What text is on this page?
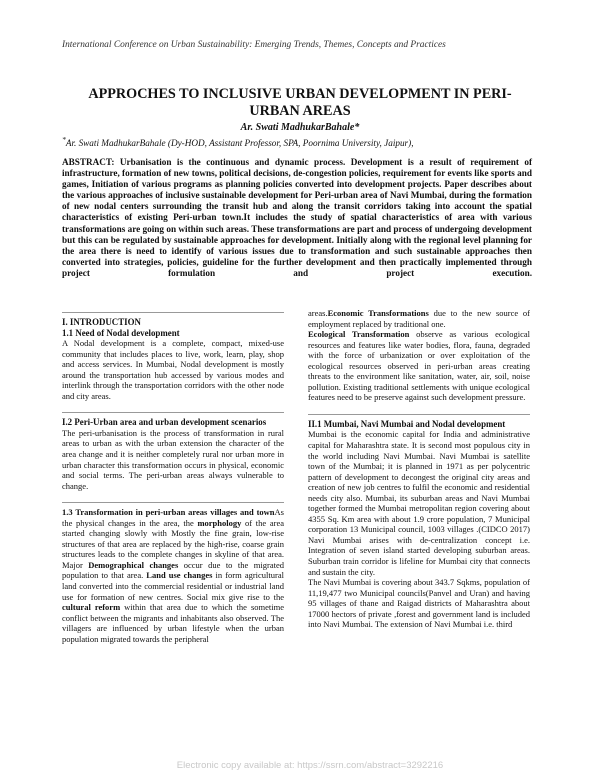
International Conference on Urban Sustainability: Emerging Trends, Themes, Concepts and Practices
APPROCHES TO INCLUSIVE URBAN DEVELOPMENT IN PERI-URBAN AREAS
Ar. Swati MadhukarBahale*
*Ar. Swati MadhukarBahale (Dy-HOD, Assistant Professor, SPA, Poornima University, Jaipur),
ABSTRACT: Urbanisation is the continuous and dynamic process. Development is a result of requirement of infrastructure, formation of new towns, political decisions, de-congestion policies, requirement for events like sports and games, Initiation of various programs as planning policies converted into development projects. Paper describes about the various approaches of inclusive sustainable development for Peri-urban area of Navi Mumbai, during the formation of new nodal centers surrounding the transit hub and along the transit corridors taking into account the spatial characteristics of existing Peri-urban town.It includes the study of spatial characteristics of area with various transformations are going on within such areas. These transformations are part and process of undergoing development but this can be regulated by sustainable approaches for development. Initially along with the regional level planning for the area there is need to identify of various issues due to transformation and such sustainable approaches then converted into strategies, policies, guideline for the further development and then practically implemented through project formulation and project execution.

I. INTRODUCTION

1.1 Need of Nodal development

A Nodal development is a complete, compact, mixed-use community that includes places to live, work, learn, play, shop and access services. In Mumbai, Nodal development is mostly around the transportation hub accessed by various modes and interlink through the transportation corridors with the other node and city areas.

I.2 Peri-Urban area and urban development scenarios

The peri-urbanisation is the process of transformation in rural areas to urban as with the urban extension the character of the area change and it is neither completely rural nor urban more in urban character this transformation occurs in physical, economic and social terms. The peri-urban areas always vulnerable to change.

1.3 Transformation in peri-urban areas villages and townAs the physical changes in the area, the morphology of the area started changing slowly with Mostly the fine grain, low-rise structures of that area are replaced by the high-rise, coarse grain structures leads to the complete changes in skyline of that area. Major Demographical changes occur due to the migrated population to that area. Land use changes in form agricultural land converted into the commercial residential or industrial land use for formation of new centres. Social mix give rise to the cultural reform within that area due to which the sometime conflict between the migrants and inhabitants also observed. The villagers are influenced by urban lifestyle when the urban population migrated towards the peripheral

areas.Economic Transformations due to the new source of employment replaced by traditional one.

Ecological Transformation observe as various ecological resources and features like water bodies, flora, fauna, degraded with the force of urbanization or over exploitation of the ecological resources observed in peri-urban areas creating threats to the environment like sanitation, water, air, soil, noise pollution. Existing traditional settlements with unique ecological features need to be preserve against such development pressure.

II.1 Mumbai, Navi Mumbai and Nodal development

Mumbai is the economic capital for India and administrative capital for Maharashtra state. It is second most populous city in the world including Navi Mumbai. Navi Mumbai is satellite town of the Mumbai; it is planned in 1971 as per polycentric pattern of development to decongest the original city areas and creation of new job centres to fulfil the economic and residential needs city also. Mumbai, its suburban areas and Navi Mumbai together formed the Mumbai metropolitan region covering about 4355 Sq. Km area with about 1.9 crore population, 7 Municipal corporation 13 Municipal council, 1003 villages .(CIDCO 2017) Navi Mumbai arises with de-centralization concept i.e. Integration of seven island started developing suburban areas. Suburban train corridor is lifeline for Mumbai city that connects and sustain the city.

The Navi Mumbai is covering about 343.7 Sqkms, population of 11,19,477 two Municipal councils(Panvel and Uran) and having 95 villages of thane and Raigad districts of Maharashtra about 17000 hectors of private ,forest and government land is included into Navi Mumbai. The extension of Navi Mumbai i.e. third

Electronic copy available at: https://ssrn.com/abstract=3292216
